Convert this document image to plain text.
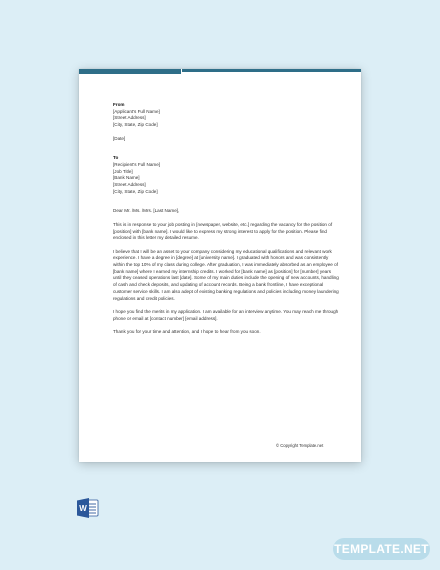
From
[Applicant's Full Name]
[Street Address]
[City, State, Zip Code]
[Date]
To
[Recipient's Full Name]
[Job Title]
[Bank Name]
[Street Address]
[City, State, Zip Code]
Dear Mr. /Ms. /Mrs. [Last Name],

This is in response to your job posting in [newspaper, website, etc.] regarding the vacancy for the position of [position] with [bank name]. I would like to express my strong interest to apply for the position. Please find enclosed in this letter my detailed resume.

I believe that I will be an asset to your company considering my educational qualifications and relevant work experience. I have a degree in [degree] at [university name]. I graduated with honors and was consistently within the top 10% of my class during college. After graduation, I was immediately absorbed as an employee of [bank name] where I earned my internship credits. I worked for [bank name] as [position] for [number] years until they ceased operations last [date]. Some of my main duties include the opening of new accounts, handling of cash and check deposits, and updating of account records. Being a bank frontline, I have exceptional customer service skills. I am also adept of existing banking regulations and policies including money laundering regulations and credit policies.

I hope you find the merits in my application. I am available for an interview anytime. You may reach me through phone or email at [contact number] [email address].

Thank you for your time and attention, and I hope to hear from you soon.

© Copyright Template.net
W
TEMPLATE.NET
